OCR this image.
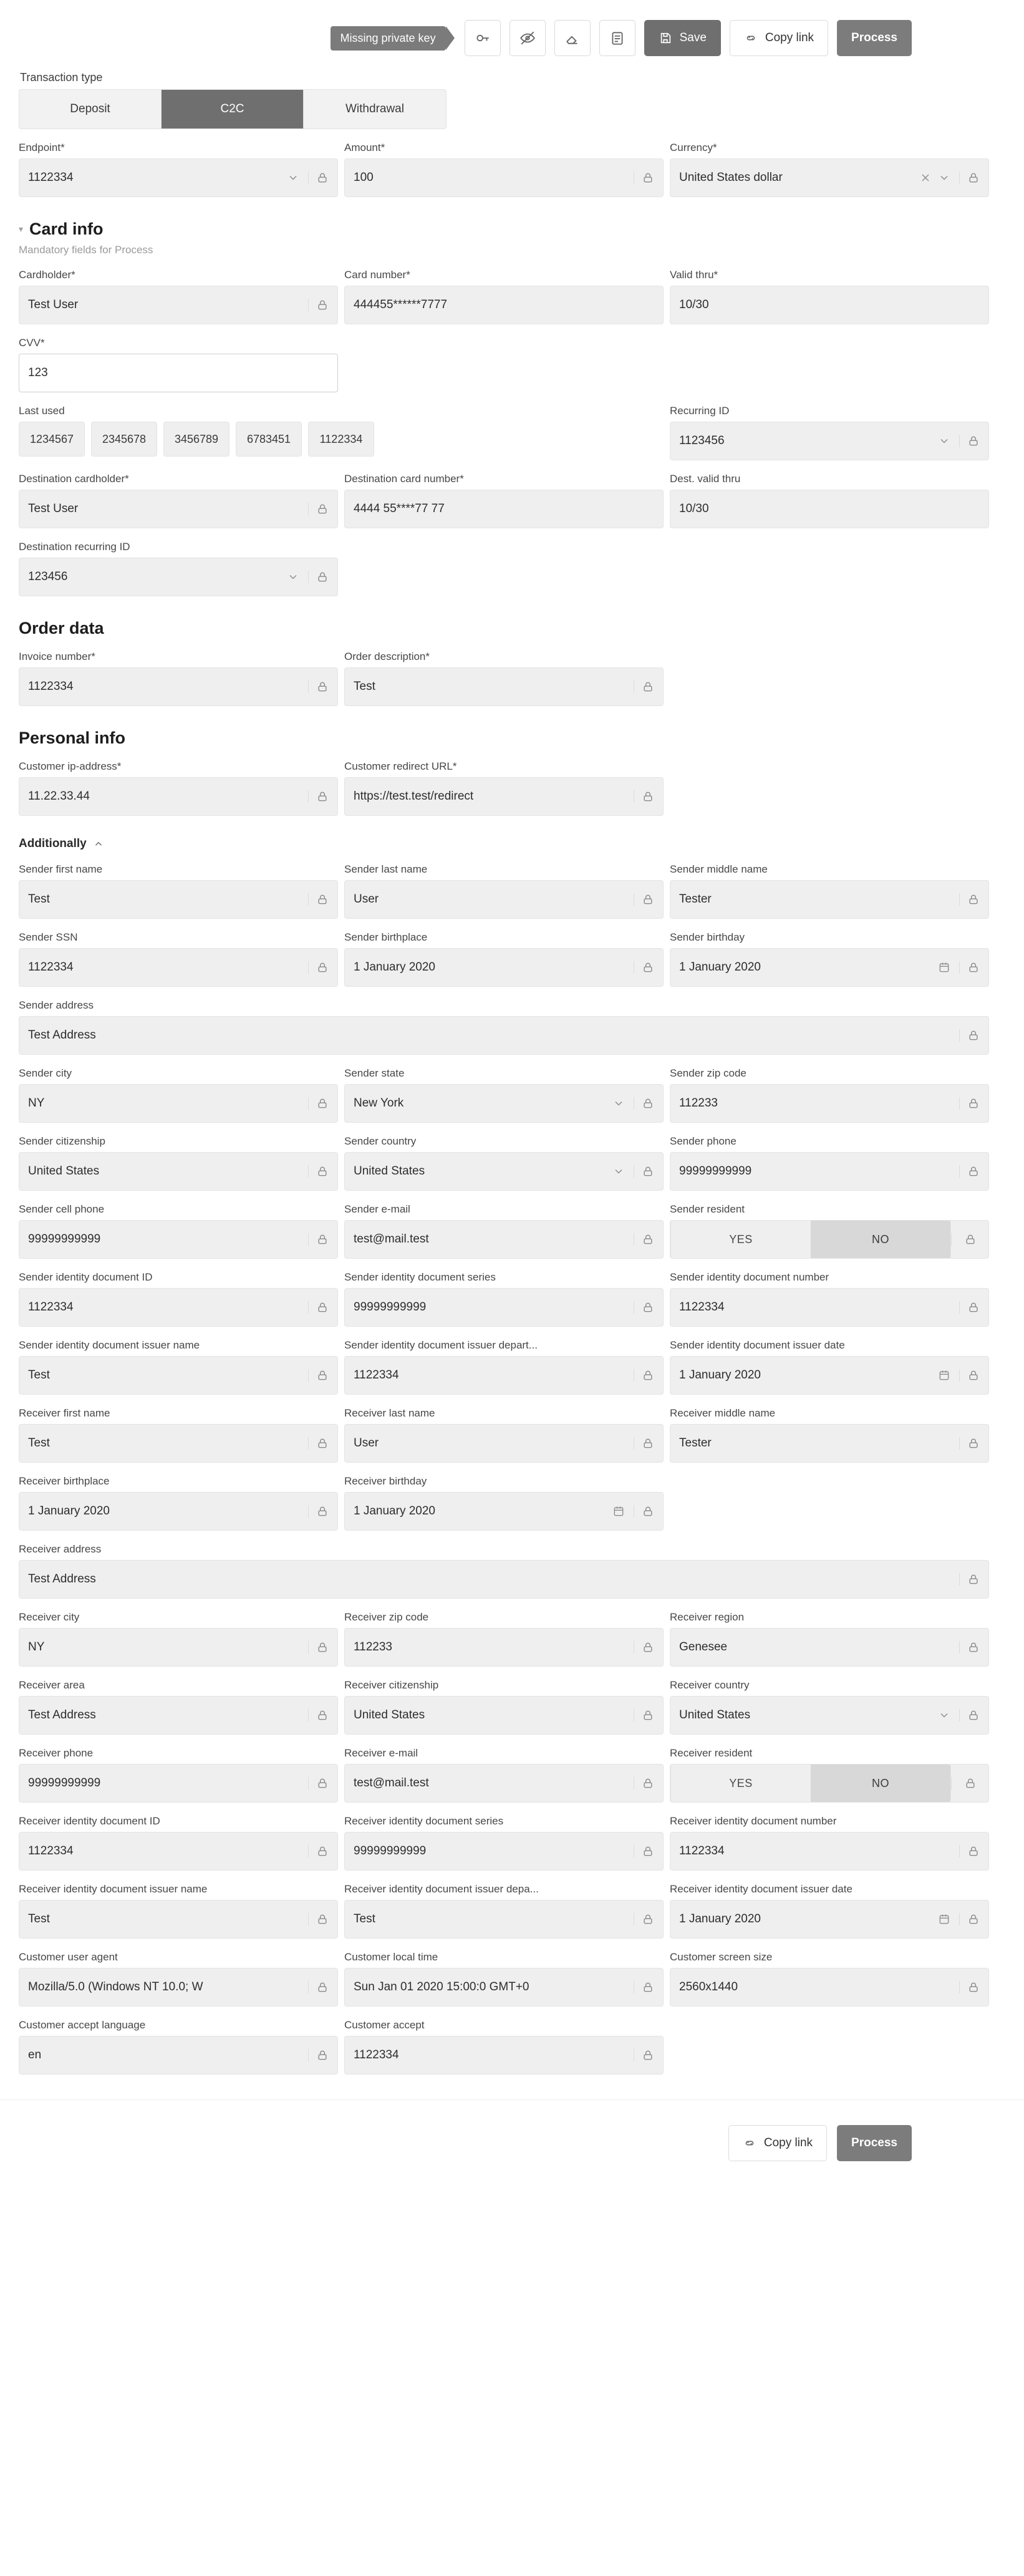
Missing private key	Save	Copy link	Process
Transaction type
Deposit	C2C	Withdrawal
Endpoint*
1122334
Amount*
100
Currency*
United States dollar
▾ Card info
Mandatory fields for Process
Cardholder*
Test User
Card number*
444455******7777
Valid thru*
10/30
CVV*
123
Last used
1234567	2345678	3456789	6783451	1122334
Recurring ID
1123456
Destination cardholder*
Test User
Destination card number*
4444 55****77 77
Dest. valid thru
10/30
Destination recurring ID
123456
Order data
Invoice number*
1122334
Order description*
Test
Personal info
Customer ip-address*
11.22.33.44
Customer redirect URL*
https://test.test/redirect
Additionally
Sender first name
Test
Sender last name
User
Sender middle name
Tester
Sender SSN
1122334
Sender birthplace
1 January 2020
Sender birthday
1 January 2020
Sender address
Test Address
Sender city
NY
Sender state
New York
Sender zip code
112233
Sender citizenship
United States
Sender country
United States
Sender phone
99999999999
Sender cell phone
99999999999
Sender e-mail
test@mail.test
Sender resident
YES	NO
Sender identity document ID
1122334
Sender identity document series
99999999999
Sender identity document number
1122334
Sender identity document issuer name
Test
Sender identity document issuer depart...
1122334
Sender identity document issuer date
1 January 2020
Receiver first name
Test
Receiver last name
User
Receiver middle name
Tester
Receiver birthplace
1 January 2020
Receiver birthday
1 January 2020
Receiver address
Test Address
Receiver city
NY
Receiver zip code
112233
Receiver region
Genesee
Receiver area
Test Address
Receiver citizenship
United States
Receiver country
United States
Receiver phone
99999999999
Receiver e-mail
test@mail.test
Receiver resident
YES	NO
Receiver identity document ID
1122334
Receiver identity document series
99999999999
Receiver identity document number
1122334
Receiver identity document issuer name
Test
Receiver identity document issuer depa...
Test
Receiver identity document issuer date
1 January 2020
Customer user agent
Mozilla/5.0 (Windows NT 10.0; W
Customer local time
Sun Jan 01 2020 15:00:0 GMT+0
Customer screen size
2560x1440
Customer accept language
en
Customer accept
1122334
Copy link	Process
